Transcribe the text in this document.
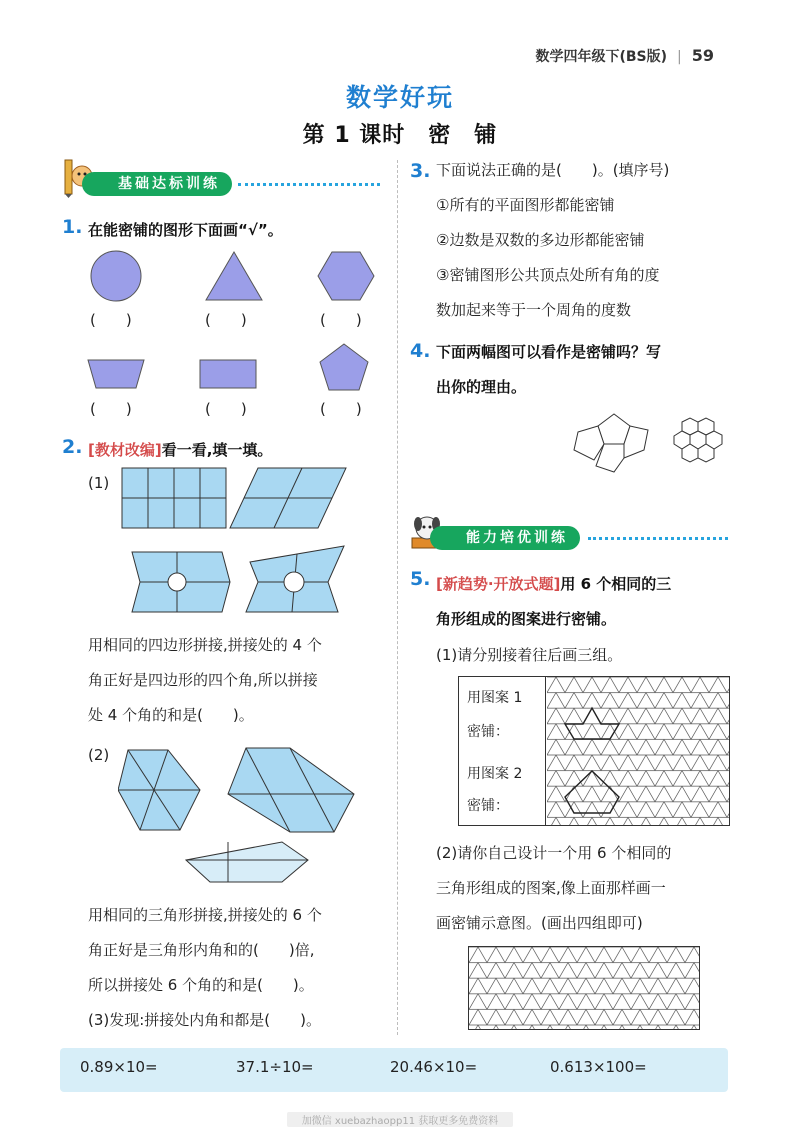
数学四年级下(BS版) | 59
数学好玩
第 1 课时　密　铺
基础达标训练
1. 在能密铺的图形下面画“√”。
(　　)	(　　)	(　　)
(　　)	(　　)	(　　)
2. [教材改编]看一看,填一填。
(1)
用相同的四边形拼接,拼接处的 4 个
角正好是四边形的四个角,所以拼接
处 4 个角的和是(　　)。
(2)
用相同的三角形拼接,拼接处的 6 个
角正好是三角形内角和的(　　)倍,
所以拼接处 6 个角的和是(　　)。
(3)发现:拼接处内角和都是(　　)。
3. 下面说法正确的是(　　)。(填序号)
①所有的平面图形都能密铺
②边数是双数的多边形都能密铺
③密铺图形公共顶点处所有角的度
数加起来等于一个周角的度数
4. 下面两幅图可以看作是密铺吗？写
出你的理由。
能力培优训练
5. [新趋势·开放式题]用 6 个相同的三
角形组成的图案进行密铺。
(1)请分别接着往后画三组。
用图案 1
密铺：
用图案 2
密铺：
(2)请你自己设计一个用 6 个相同的
三角形组成的图案,像上面那样画一
画密铺示意图。(画出四组即可)
0.89×10=	37.1÷10=	20.46×10=	0.613×100=
加微信 xuebazhaopp11 获取更多免费资料
